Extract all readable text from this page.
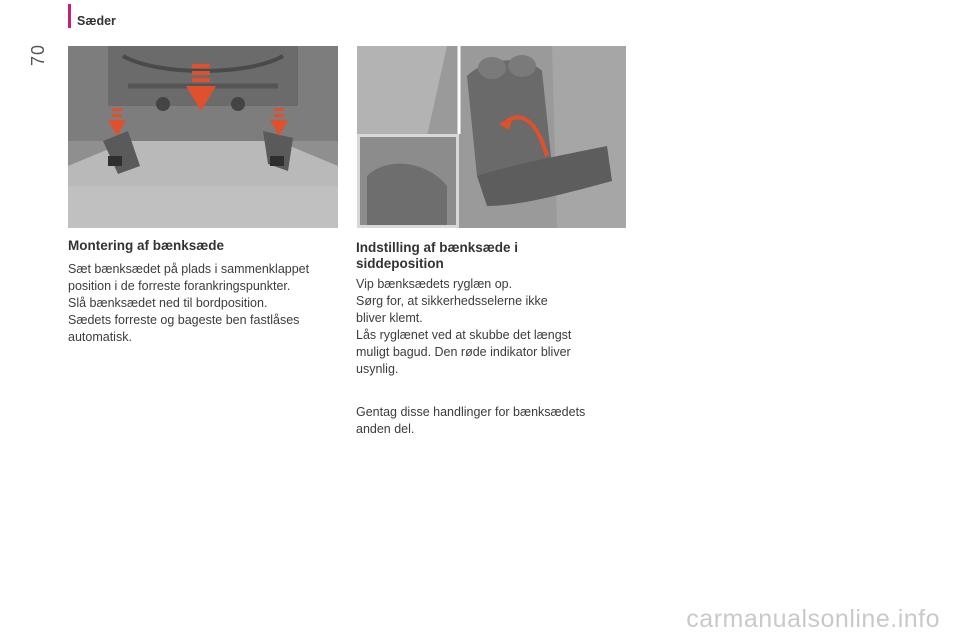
Sæder
70
Montering af bænksæde

Sæt bænksædet på plads i sammenklappet
position i de forreste forankringspunkter.
Slå bænksædet ned til bordposition.
Sædets forreste og bageste ben fastlåses
automatisk.

Indstilling af bænksæde i
siddeposition

Vip bænksædets ryglæn op.
Sørg for, at sikkerhedsselerne ikke
bliver klemt.
Lås ryglænet ved at skubbe det længst
muligt bagud. Den røde indikator bliver
usynlig.

Gentag disse handlinger for bænksædets
anden del.

carmanualsonline.info
